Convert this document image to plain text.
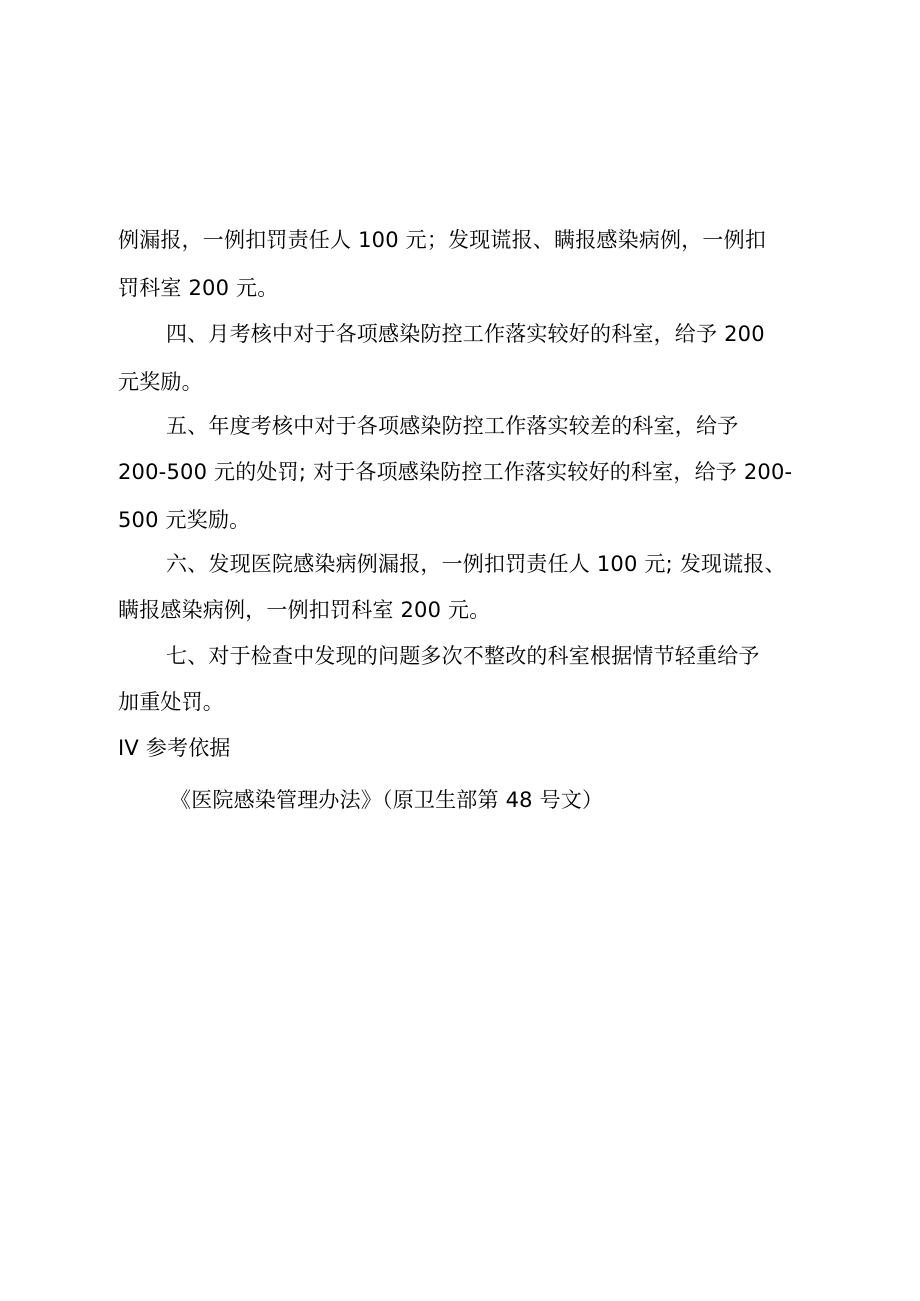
例漏报，一例扣罚责任人 100 元；发现谎报、瞒报感染病例，一例扣
罚科室 200 元。
四、月考核中对于各项感染防控工作落实较好的科室，给予 200
元奖励。
五、年度考核中对于各项感染防控工作落实较差的科室，给予
200-500 元的处罚; 对于各项感染防控工作落实较好的科室，给予 200-
500 元奖励。
六、发现医院感染病例漏报，一例扣罚责任人 100 元; 发现谎报、
瞒报感染病例，一例扣罚科室 200 元。
七、对于检查中发现的问题多次不整改的科室根据情节轻重给予
加重处罚。
IV 参考依据
《医院感染管理办法》（原卫生部第 48 号文）
